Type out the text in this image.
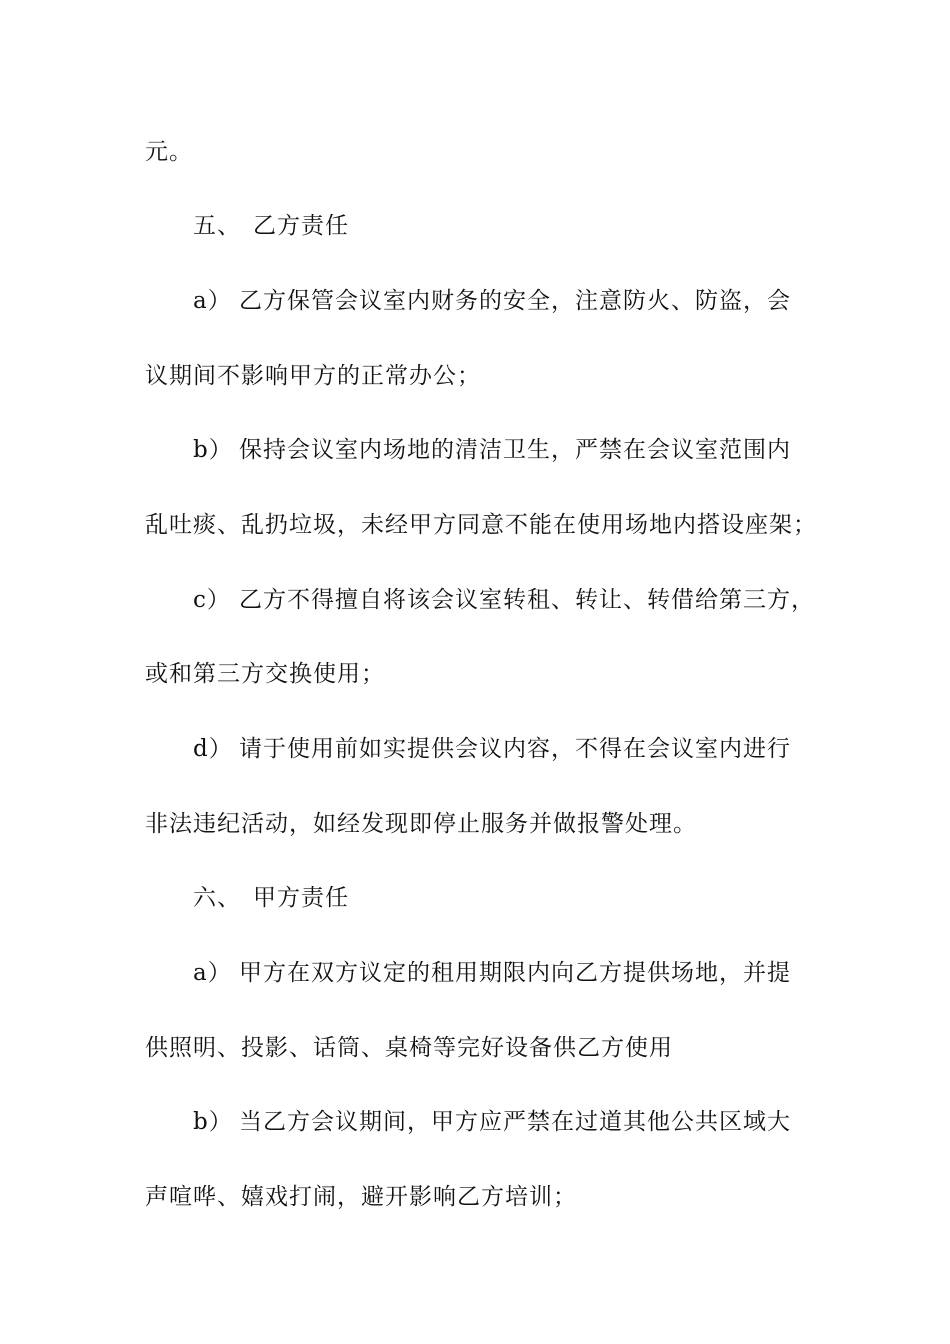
元。
五、 乙方责任
a） 乙方保管会议室内财务的安全，注意防火、防盗，会
议期间不影响甲方的正常办公；
b） 保持会议室内场地的清洁卫生，严禁在会议室范围内
乱吐痰、乱扔垃圾，未经甲方同意不能在使用场地内搭设座架；
c） 乙方不得擅自将该会议室转租、转让、转借给第三方，
或和第三方交换使用；
d） 请于使用前如实提供会议内容，不得在会议室内进行
非法违纪活动，如经发现即停止服务并做报警处理。
六、 甲方责任
a） 甲方在双方议定的租用期限内向乙方提供场地，并提
供照明、投影、话筒、桌椅等完好设备供乙方使用
b） 当乙方会议期间，甲方应严禁在过道其他公共区域大
声喧哗、嬉戏打闹，避开影响乙方培训；
